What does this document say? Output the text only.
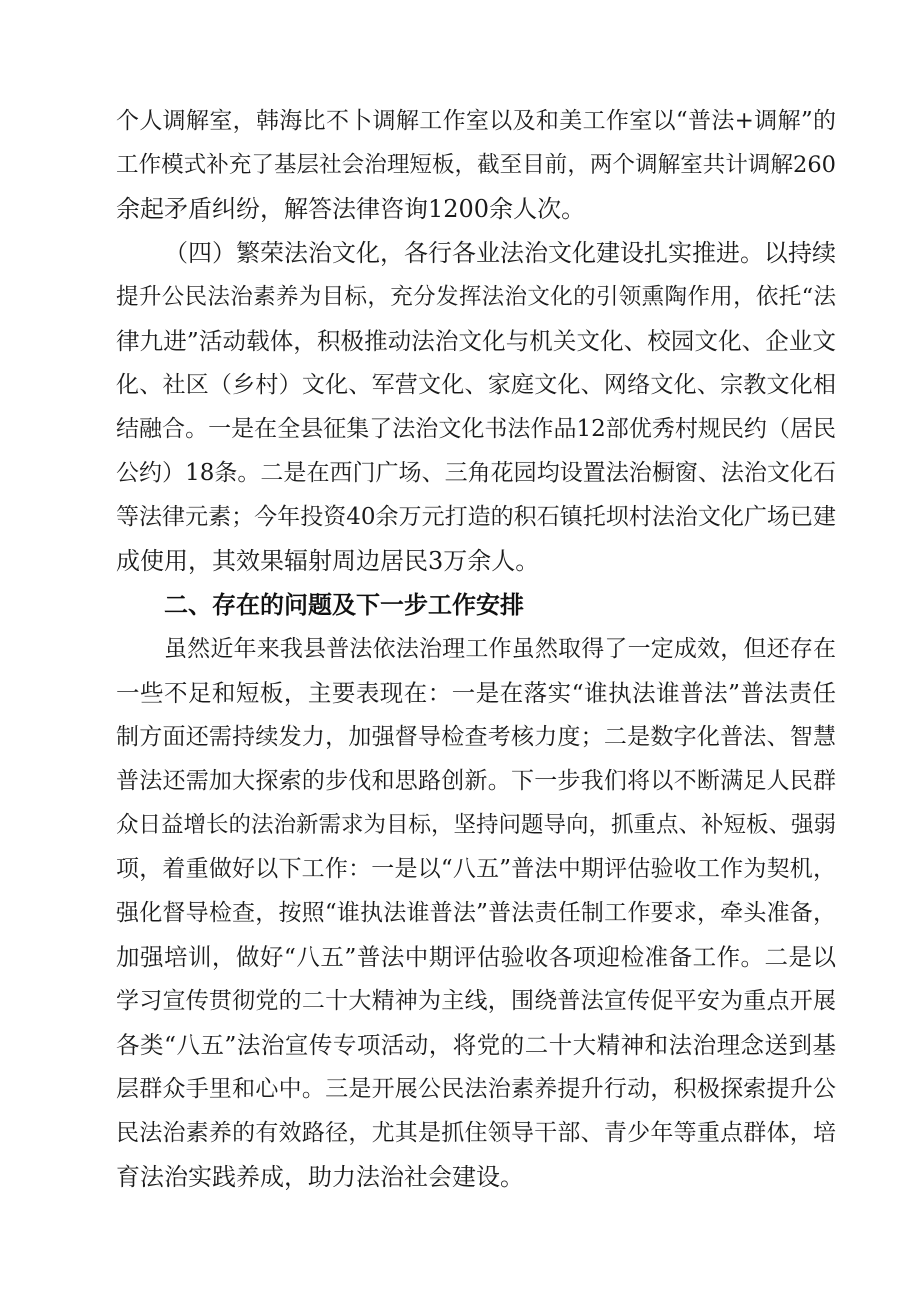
个人调解室，韩海比不卜调解工作室以及和美工作室以“普法+调解”的
工作模式补充了基层社会治理短板，截至目前，两个调解室共计调解260
余起矛盾纠纷，解答法律咨询1200余人次。
（四）繁荣法治文化，各行各业法治文化建设扎实推进。以持续
提升公民法治素养为目标，充分发挥法治文化的引领熏陶作用，依托“法
律九进”活动载体，积极推动法治文化与机关文化、校园文化、企业文
化、社区（乡村）文化、军营文化、家庭文化、网络文化、宗教文化相
结融合。一是在全县征集了法治文化书法作品12部优秀村规民约（居民
公约）18条。二是在西门广场、三角花园均设置法治橱窗、法治文化石
等法律元素；今年投资40余万元打造的积石镇托坝村法治文化广场已建
成使用，其效果辐射周边居民3万余人。
二、存在的问题及下一步工作安排
虽然近年来我县普法依法治理工作虽然取得了一定成效，但还存在
一些不足和短板，主要表现在：一是在落实“谁执法谁普法”普法责任
制方面还需持续发力，加强督导检查考核力度；二是数字化普法、智慧
普法还需加大探索的步伐和思路创新。下一步我们将以不断满足人民群
众日益增长的法治新需求为目标，坚持问题导向，抓重点、补短板、强弱
项，着重做好以下工作：一是以“八五”普法中期评估验收工作为契机，
强化督导检查，按照“谁执法谁普法”普法责任制工作要求，牵头准备，
加强培训，做好“八五”普法中期评估验收各项迎检准备工作。二是以
学习宣传贯彻党的二十大精神为主线，围绕普法宣传促平安为重点开展
各类“八五”法治宣传专项活动，将党的二十大精神和法治理念送到基
层群众手里和心中。三是开展公民法治素养提升行动，积极探索提升公
民法治素养的有效路径，尤其是抓住领导干部、青少年等重点群体，培
育法治实践养成，助力法治社会建设。
